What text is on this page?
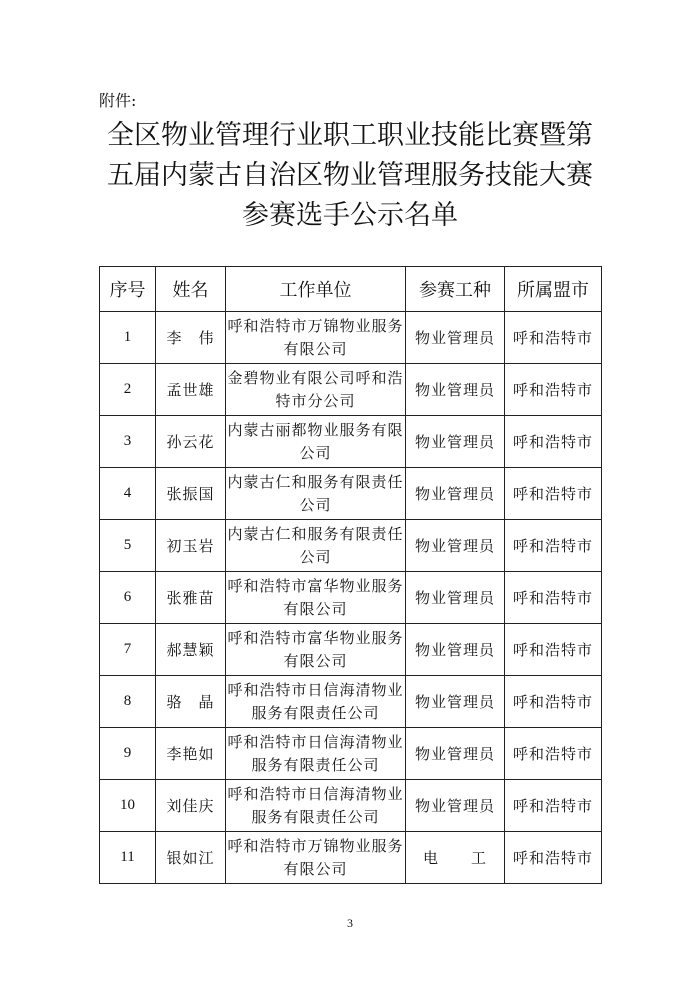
附件:
全区物业管理行业职工职业技能比赛暨第
五届内蒙古自治区物业管理服务技能大赛
参赛选手公示名单
序号	姓名	工作单位	参赛工种	所属盟市
1	李　伟	呼和浩特市万锦物业服务有限公司	物业管理员	呼和浩特市
2	孟世雄	金碧物业有限公司呼和浩特市分公司	物业管理员	呼和浩特市
3	孙云花	内蒙古丽都物业服务有限公司	物业管理员	呼和浩特市
4	张振国	内蒙古仁和服务有限责任公司	物业管理员	呼和浩特市
5	初玉岩	内蒙古仁和服务有限责任公司	物业管理员	呼和浩特市
6	张雅苗	呼和浩特市富华物业服务有限公司	物业管理员	呼和浩特市
7	郝慧颖	呼和浩特市富华物业服务有限公司	物业管理员	呼和浩特市
8	骆　晶	呼和浩特市日信海清物业服务有限责任公司	物业管理员	呼和浩特市
9	李艳如	呼和浩特市日信海清物业服务有限责任公司	物业管理员	呼和浩特市
10	刘佳庆	呼和浩特市日信海清物业服务有限责任公司	物业管理员	呼和浩特市
11	银如江	呼和浩特市万锦物业服务有限公司	电　　工	呼和浩特市
3
